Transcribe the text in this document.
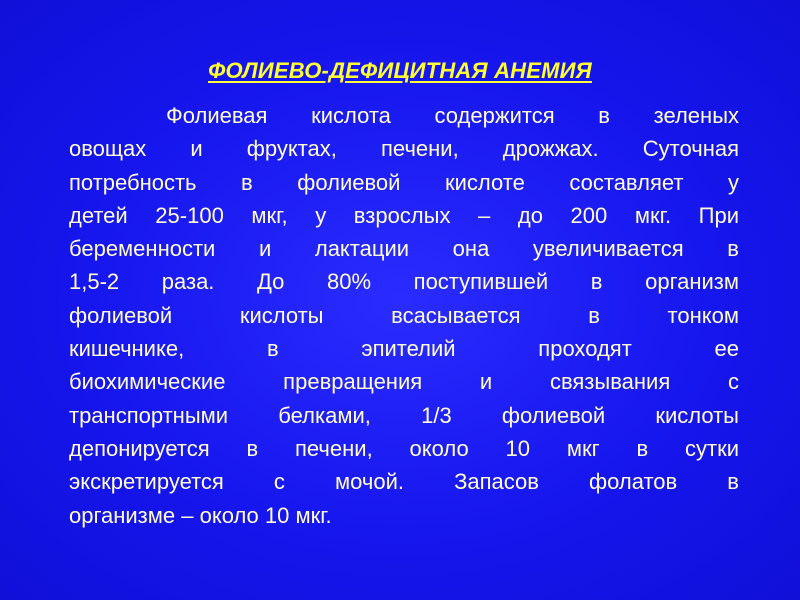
ФОЛИЕВО-ДЕФИЦИТНАЯ АНЕМИЯ
Фолиевая кислота содержится в зеленых
овощах и фруктах, печени, дрожжах. Суточная
потребность в фолиевой кислоте составляет у
детей 25-100 мкг, у взрослых – до 200 мкг. При
беременности и лактации она увеличивается в
1,5-2 раза. До 80% поступившей в организм
фолиевой кислоты всасывается в тонком
кишечнике, в эпителий проходят ее
биохимические превращения и связывания с
транспортными белками, 1/3 фолиевой кислоты
депонируется в печени, около 10 мкг в сутки
экскретируется с мочой. Запасов фолатов в
организме – около 10 мкг.
